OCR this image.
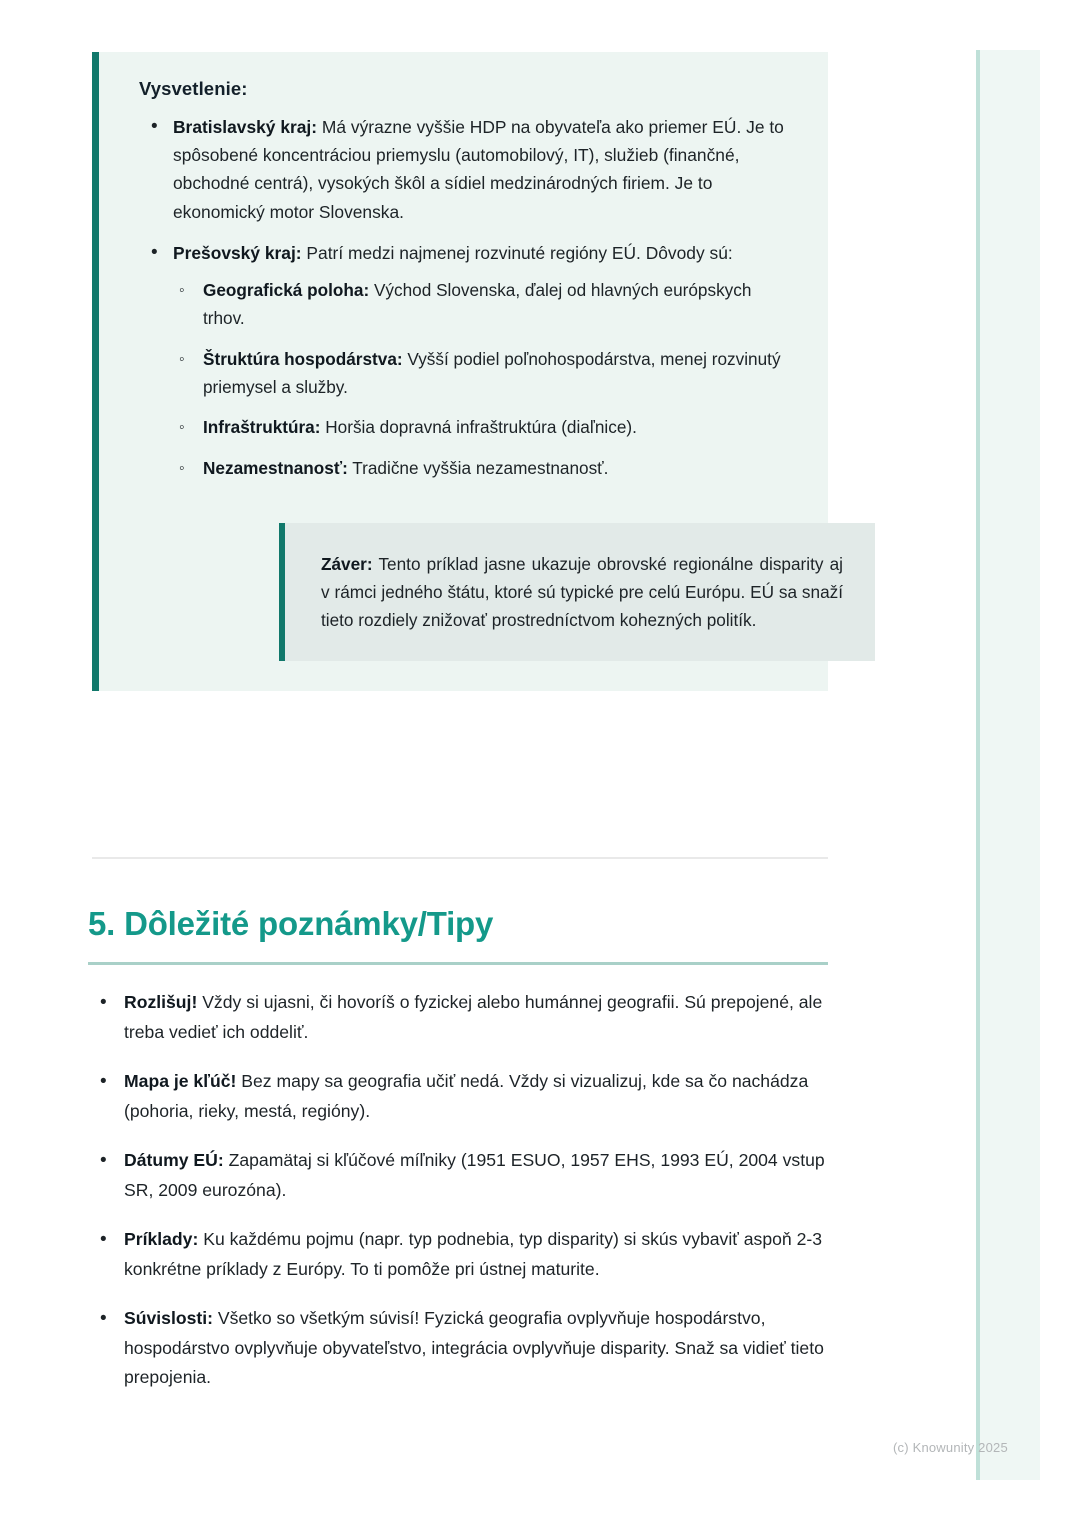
Vysvetlenie:
• Bratislavský kraj: Má výrazne vyššie HDP na obyvateľa ako priemer EÚ. Je to spôsobené koncentráciou priemyslu (automobilový, IT), služieb (finančné, obchodné centrá), vysokých škôl a sídiel medzinárodných firiem. Je to ekonomický motor Slovenska.
• Prešovský kraj: Patrí medzi najmenej rozvinuté regióny EÚ. Dôvody sú:
◦ Geografická poloha: Východ Slovenska, ďalej od hlavných európskych trhov.
◦ Štruktúra hospodárstva: Vyšší podiel poľnohospodárstva, menej rozvinutý priemysel a služby.
◦ Infraštruktúra: Horšia dopravná infraštruktúra (diaľnice).
◦ Nezamestnanosť: Tradične vyššia nezamestnanosť.
Záver: Tento príklad jasne ukazuje obrovské regionálne disparity aj v rámci jedného štátu, ktoré sú typické pre celú Európu. EÚ sa snaží tieto rozdiely znižovať prostredníctvom kohezných politík.
5. Dôležité poznámky/Tipy
• Rozlišuj! Vždy si ujasni, či hovoríš o fyzickej alebo humánnej geografii. Sú prepojené, ale treba vedieť ich oddeliť.
• Mapa je kľúč! Bez mapy sa geografia učiť nedá. Vždy si vizualizuj, kde sa čo nachádza (pohoria, rieky, mestá, regióny).
• Dátumy EÚ: Zapamätaj si kľúčové míľniky (1951 ESUO, 1957 EHS, 1993 EÚ, 2004 vstup SR, 2009 eurozóna).
• Príklady: Ku každému pojmu (napr. typ podnebia, typ disparity) si skús vybaviť aspoň 2-3 konkrétne príklady z Európy. To ti pomôže pri ústnej maturite.
• Súvislosti: Všetko so všetkým súvisí! Fyzická geografia ovplyvňuje hospodárstvo, hospodárstvo ovplyvňuje obyvateľstvo, integrácia ovplyvňuje disparity. Snaž sa vidieť tieto prepojenia.
(c) Knowunity 2025
